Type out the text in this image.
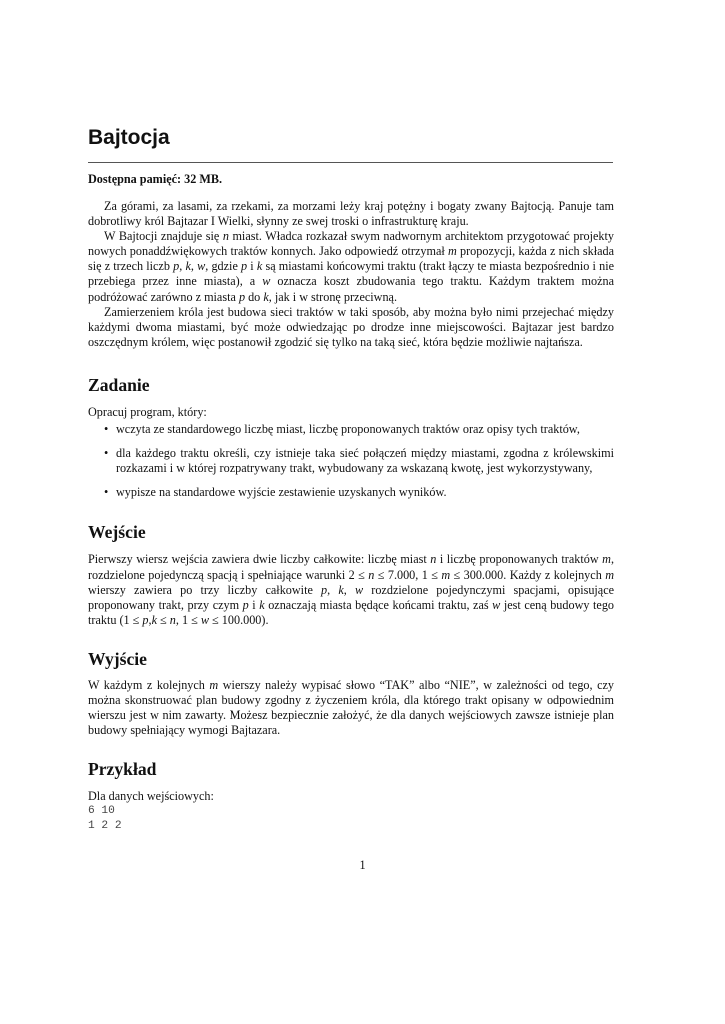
Bajtocja
Dostępna pamięć: 32 MB.

Za górami, za lasami, za rzekami, za morzami leży kraj potężny i bogaty zwany Bajtocją. Panuje tam dobrotliwy król Bajtazar I Wielki, słynny ze swej troski o infrastrukturę kraju.

W Bajtocji znajduje się n miast. Władca rozkazał swym nadwornym architektom przygotować projekty nowych ponaddźwiękowych traktów konnych. Jako odpowiedź otrzymał m propozycji, każda z nich składa się z trzech liczb p, k, w, gdzie p i k są miastami końcowymi traktu (trakt łączy te miasta bezpośrednio i nie przebiega przez inne miasta), a w oznacza koszt zbudowania tego traktu. Każdym traktem można podróżować zarówno z miasta p do k, jak i w stronę przeciwną.

Zamierzeniem króla jest budowa sieci traktów w taki sposób, aby można było nimi przejechać między każdymi dwoma miastami, być może odwiedzając po drodze inne miejscowości. Bajtazar jest bardzo oszczędnym królem, więc postanowił zgodzić się tylko na taką sieć, która będzie możliwie najtańsza.

Zadanie

Opracuj program, który:

• wczyta ze standardowego liczbę miast, liczbę proponowanych traktów oraz opisy tych traktów,
• dla każdego traktu określi, czy istnieje taka sieć połączeń między miastami, zgodna z królewskimi rozkazami i w której rozpatrywany trakt, wybudowany za wskazaną kwotę, jest wykorzystywany,
• wypisze na standardowe wyjście zestawienie uzyskanych wyników.
Wejście

Pierwszy wiersz wejścia zawiera dwie liczby całkowite: liczbę miast n i liczbę proponowanych traktów m, rozdzielone pojedynczą spacją i spełniające warunki 2 ≤ n ≤ 7.000, 1 ≤ m ≤ 300.000. Każdy z kolejnych m wierszy zawiera po trzy liczby całkowite p, k, w rozdzielone pojedynczymi spacjami, opisujące proponowany trakt, przy czym p i k oznaczają miasta będące końcami traktu, zaś w jest ceną budowy tego traktu (1 ≤ p,k ≤ n, 1 ≤ w ≤ 100.000).

Wyjście

W każdym z kolejnych m wierszy należy wypisać słowo “TAK” albo “NIE”, w zależności od tego, czy można skonstruować plan budowy zgodny z życzeniem króla, dla którego trakt opisany w odpowiednim wierszu jest w nim zawarty. Możesz bezpiecznie założyć, że dla danych wejściowych zawsze istnieje plan budowy spełniający wymogi Bajtazara.

Przykład

Dla danych wejściowych:

6 10
1 2 2
1
